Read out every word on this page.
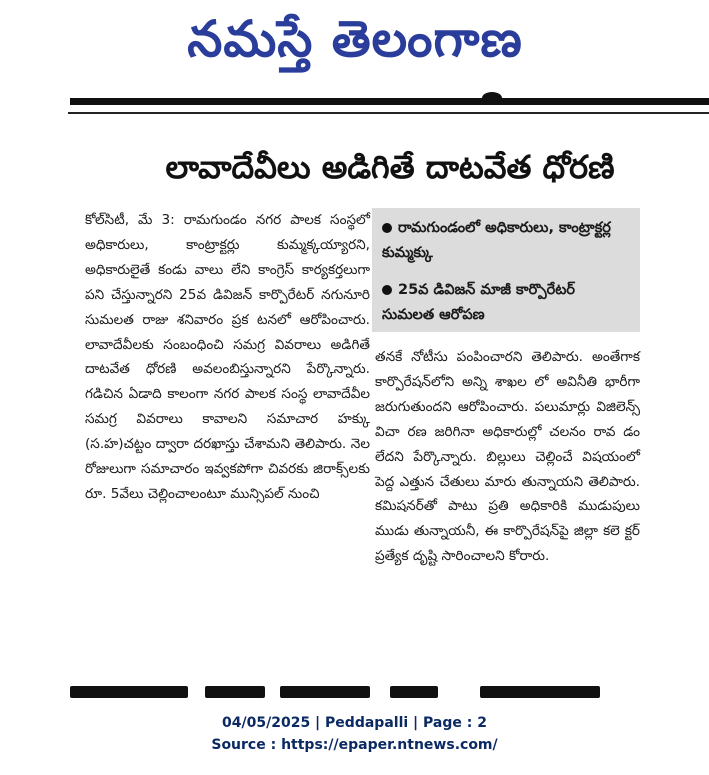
నమస్తే తెలంగాణ
లావాదేవీలు అడిగితే దాటవేత ధోరణి

కోల్‌సిటీ, మే 3: రామగుండం నగర పాలక సంస్థలో అధికారులు, కాంట్రాక్టర్లు కుమ్మక్కయ్యారని, అధికారులైతే కండు వాలు లేని కాంగ్రెస్ కార్యకర్తలుగా పని చేస్తున్నారని 25వ డివిజన్ కార్పొరేటర్ నగునూరి సుమలత రాజు శనివారం ప్రక టనలో ఆరోపించారు. లావాదేవీలకు సంబంధించి సమగ్ర వివరాలు అడిగితే దాటవేత ధోరణి అవలంబిస్తున్నారని పేర్కొన్నారు. గడిచిన ఏడాది కాలంగా నగర పాలక సంస్థ లావాదేవీల సమగ్ర వివరాలు కావాలని సమాచార హక్కు (స.హ)చట్టం ద్వారా దరఖాస్తు చేశామని తెలిపారు. నెల రోజులుగా సమాచారం ఇవ్వకపోగా చివరకు జిరాక్స్‌లకు రూ. 5వేలు చెల్లించాలంటూ మున్సిపల్ నుంచి

రామగుండంలో అధికారులు, కాంట్రాక్టర్ల కుమ్మక్కు
25వ డివిజన్ మాజీ కార్పొరేటర్ సుమలత ఆరోపణ

తనకే నోటీసు పంపించారని తెలిపారు. అంతేగాక కార్పొరేషన్‌లోని అన్ని శాఖల లో అవినీతి భారీగా జరుగుతుందని ఆరోపించారు. పలుమార్లు విజిలెన్స్ విచా రణ జరిగినా అధికారుల్లో చలనం రావ డం లేదని పేర్కొన్నారు. బిల్లులు చెల్లించే విషయంలో పెద్ద ఎత్తున చేతులు మారు తున్నాయని తెలిపారు. కమిషనర్‌తో పాటు ప్రతి అధికారికి ముడుపులు ముడు తున్నాయనీ, ఈ కార్పొరేషన్‌పై జిల్లా కలె క్టర్ ప్రత్యేక దృష్టి సారించాలని కోరారు.

04/05/2025 | Peddapalli | Page : 2
Source : https://epaper.ntnews.com/
